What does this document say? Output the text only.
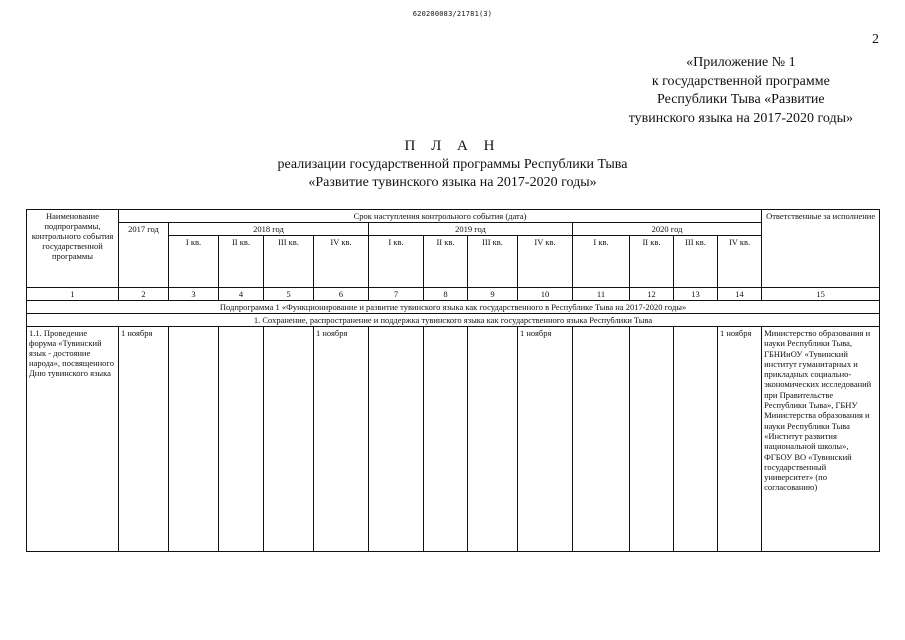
620200083/21781(3)
2
«Приложение № 1
к государственной программе
Республики Тыва «Развитие
тувинского языка на 2017-2020 годы»
П Л А Н
реализации государственной программы Республики Тыва
«Развитие тувинского языка на 2017-2020 годы»
Наименование подпрограммы, контрольного события государственной программы	Срок наступления контрольного события (дата)													Ответственные за исполнение
	2017 год	2018 год				2019 год				2020 год				
		I кв.	II кв.	III кв.	IV кв.	I кв.	II кв.	III кв.	IV кв.	I кв.	II кв.	III кв.	IV кв.	
1	2	3	4	5	6	7	8	9	10	11	12	13	14	15
Подпрограмма 1 «Функционирование и развитие тувинского языка как государственного в Республике Тыва на 2017-2020 годы»														
1. Сохранение, распространение и поддержка тувинского языка как государственного языка Республики Тыва														
1.1. Проведение форума «Тувинский язык - достояние народа», посвященного Дню тувинского языка	1 ноября				1 ноября				1 ноября				1 ноября	Министерство образования и науки Республики Тыва, ГБНИиОУ «Тувинский институт гуманитарных и прикладных социально-экономических исследований при Правительстве Республики Тыва», ГБНУ Министерства образования и науки Республики Тыва «Институт развития национальной школы», ФГБОУ ВО «Тувинский государственный университет» (по согласованию)
